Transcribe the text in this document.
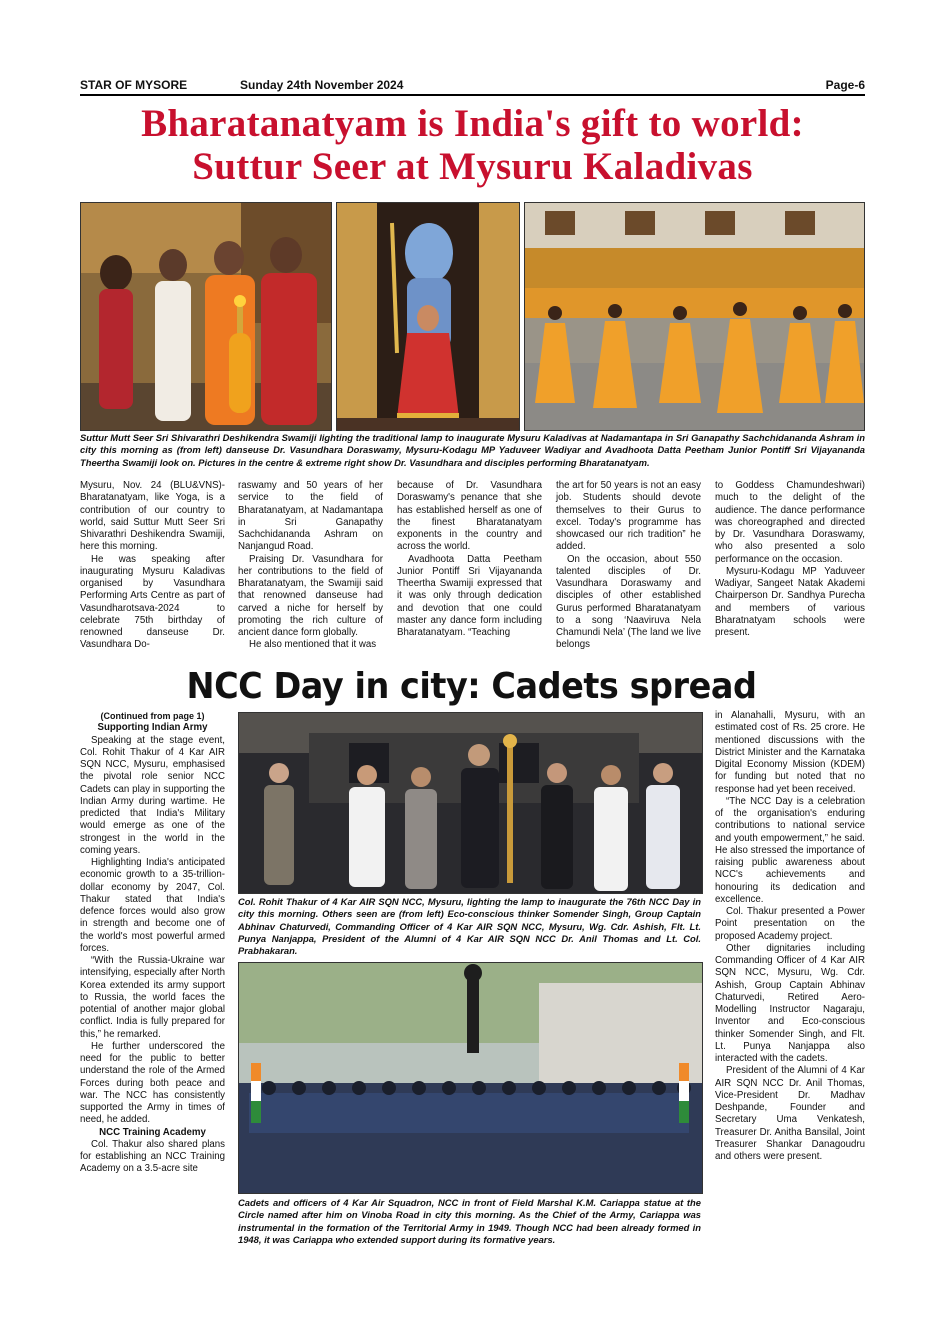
STAR OF MYSORE	Sunday 24th November 2024	Page-6
Bharatanatyam is India's gift to world:
Suttur Seer at Mysuru Kaladivas
Suttur Mutt Seer Sri Shivarathri Deshikendra Swamiji lighting the traditional lamp to inaugurate Mysuru Kaladivas at Nadamantapa in Sri Ganapathy Sachchidananda Ashram in city this morning as (from left) danseuse Dr. Vasundhara Doraswamy, Mysuru-Kodagu MP Yaduveer Wadiyar and Avadhoota Datta Peetham Junior Pontiff Sri Vijayananda Theertha Swamiji look on. Pictures in the centre & extreme right show Dr. Vasundhara and disciples performing Bharatanatyam.

Mysuru, Nov. 24 (BLU&VNS)- Bharatanatyam, like Yoga, is a contribution of our country to world, said Suttur Mutt Seer Sri Shivarathri Deshikendra Swamiji, here this morning.

He was speaking after inaugurating Mysuru Kaladivas organised by Vasundhara Performing Arts Centre as part of Vasundharotsava-2024 to celebrate 75th birthday of renowned danseuse Dr. Vasundhara Do-

raswamy and 50 years of her service to the field of Bharatanatyam, at Nadamantapa in Sri Ganapathy Sachchidananda Ashram on Nanjangud Road.

Praising Dr. Vasundhara for her contributions to the field of Bharatanatyam, the Swamiji said that renowned danseuse had carved a niche for herself by promoting the rich culture of ancient dance form globally.

He also mentioned that it was

because of Dr. Vasundhara Doraswamy's penance that she has established herself as one of the finest Bharatanatyam exponents in the country and across the world.

Avadhoota Datta Peetham Junior Pontiff Sri Vijayananda Theertha Swamiji expressed that it was only through dedication and devotion that one could master any dance form including Bharatanatyam. “Teaching

the art for 50 years is not an easy job. Students should devote themselves to their Gurus to excel. Today's programme has showcased our rich tradition” he added.

On the occasion, about 550 talented disciples of Dr. Vasundhara Doraswamy and disciples of other established Gurus performed Bharatanatyam to a song ‘Naaviruva Nela Chamundi Nela’ (The land we live belongs

to Goddess Chamundeshwari) much to the delight of the audience. The dance performance was choreographed and directed by Dr. Vasundhara Doraswamy, who also presented a solo performance on the occasion.

Mysuru-Kodagu MP Yaduveer Wadiyar, Sangeet Natak Akademi Chairperson Dr. Sandhya Purecha and members of various Bharatnatyam schools were present.

NCC Day in city: Cadets spread

(Continued from page 1)

Supporting Indian Army

Speaking at the stage event, Col. Rohit Thakur of 4 Kar AIR SQN NCC, Mysuru, emphasised the pivotal role senior NCC Cadets can play in supporting the Indian Army during wartime. He predicted that India's Military would emerge as one of the strongest in the world in the coming years.

Highlighting India's anticipated economic growth to a 35-trillion-dollar economy by 2047, Col. Thakur stated that India's defence forces would also grow in strength and become one of the world's most powerful armed forces.

“With the Russia-Ukraine war intensifying, especially after North Korea extended its army support to Russia, the world faces the potential of another major global conflict. India is fully prepared for this,” he remarked.

He further underscored the need for the public to better understand the role of the Armed Forces during both peace and war. The NCC has consistently supported the Army in times of need, he added.

NCC Training Academy

Col. Thakur also shared plans for establishing an NCC Training Academy on a 3.5-acre site

Col. Rohit Thakur of 4 Kar AIR SQN NCC, Mysuru, lighting the lamp to inaugurate the 76th NCC Day in city this morning. Others seen are (from left) Eco-conscious thinker Somender Singh, Group Captain Abhinav Chaturvedi, Commanding Officer of 4 Kar AIR SQN NCC, Mysuru, Wg. Cdr. Ashish, Flt. Lt. Punya Nanjappa, President of the Alumni of 4 Kar AIR SQN NCC Dr. Anil Thomas and Lt. Col. Prabhakaran.
Cadets and officers of 4 Kar Air Squadron, NCC in front of Field Marshal K.M. Cariappa statue at the Circle named after him on Vinoba Road in city this morning. As the Chief of the Army, Cariappa was instrumental in the formation of the Territorial Army in 1949. Though NCC had been already formed in 1948, it was Cariappa who extended support during its formative years.

in Alanahalli, Mysuru, with an estimated cost of Rs. 25 crore. He mentioned discussions with the District Minister and the Karnataka Digital Economy Mission (KDEM) for funding but noted that no response had yet been received.

“The NCC Day is a celebration of the organisation's enduring contributions to national service and youth empowerment,” he said. He also stressed the importance of raising public awareness about NCC's achievements and honouring its dedication and excellence.

Col. Thakur presented a Power Point presentation on the proposed Academy project.

Other dignitaries including Commanding Officer of 4 Kar AIR SQN NCC, Mysuru, Wg. Cdr. Ashish, Group Captain Abhinav Chaturvedi, Retired Aero-Modelling Instructor Nagaraju, Inventor and Eco-conscious thinker Somender Singh, and Flt. Lt. Punya Nanjappa also interacted with the cadets.

President of the Alumni of 4 Kar AIR SQN NCC Dr. Anil Thomas, Vice-President Dr. Madhav Deshpande, Founder and Secretary Uma Venkatesh, Treasurer Dr. Anitha Bansilal, Joint Treasurer Shankar Danagoudru and others were present.
